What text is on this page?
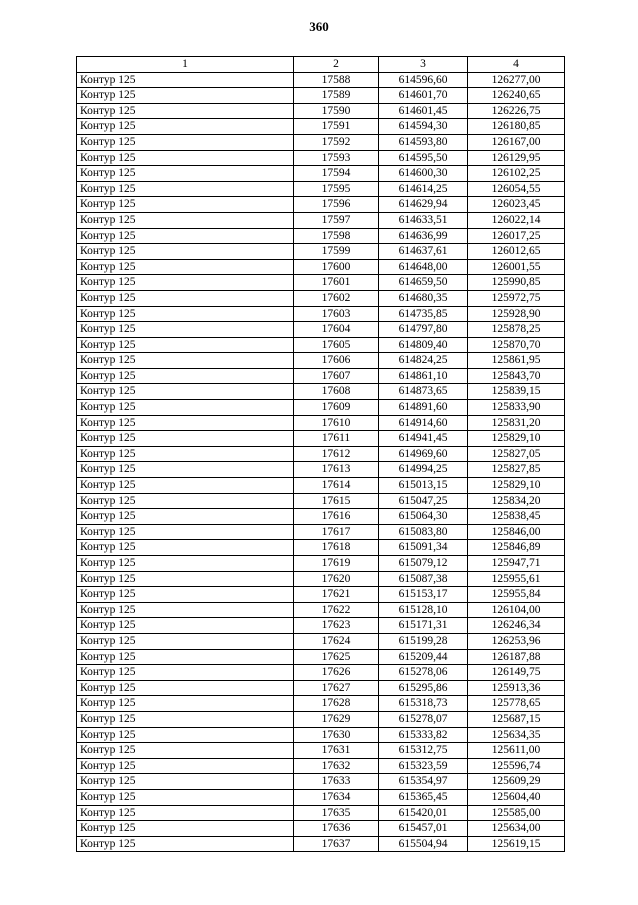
360
1	2	3	4
Контур 125	17588	614596,60	126277,00
Контур 125	17589	614601,70	126240,65
Контур 125	17590	614601,45	126226,75
Контур 125	17591	614594,30	126180,85
Контур 125	17592	614593,80	126167,00
Контур 125	17593	614595,50	126129,95
Контур 125	17594	614600,30	126102,25
Контур 125	17595	614614,25	126054,55
Контур 125	17596	614629,94	126023,45
Контур 125	17597	614633,51	126022,14
Контур 125	17598	614636,99	126017,25
Контур 125	17599	614637,61	126012,65
Контур 125	17600	614648,00	126001,55
Контур 125	17601	614659,50	125990,85
Контур 125	17602	614680,35	125972,75
Контур 125	17603	614735,85	125928,90
Контур 125	17604	614797,80	125878,25
Контур 125	17605	614809,40	125870,70
Контур 125	17606	614824,25	125861,95
Контур 125	17607	614861,10	125843,70
Контур 125	17608	614873,65	125839,15
Контур 125	17609	614891,60	125833,90
Контур 125	17610	614914,60	125831,20
Контур 125	17611	614941,45	125829,10
Контур 125	17612	614969,60	125827,05
Контур 125	17613	614994,25	125827,85
Контур 125	17614	615013,15	125829,10
Контур 125	17615	615047,25	125834,20
Контур 125	17616	615064,30	125838,45
Контур 125	17617	615083,80	125846,00
Контур 125	17618	615091,34	125846,89
Контур 125	17619	615079,12	125947,71
Контур 125	17620	615087,38	125955,61
Контур 125	17621	615153,17	125955,84
Контур 125	17622	615128,10	126104,00
Контур 125	17623	615171,31	126246,34
Контур 125	17624	615199,28	126253,96
Контур 125	17625	615209,44	126187,88
Контур 125	17626	615278,06	126149,75
Контур 125	17627	615295,86	125913,36
Контур 125	17628	615318,73	125778,65
Контур 125	17629	615278,07	125687,15
Контур 125	17630	615333,82	125634,35
Контур 125	17631	615312,75	125611,00
Контур 125	17632	615323,59	125596,74
Контур 125	17633	615354,97	125609,29
Контур 125	17634	615365,45	125604,40
Контур 125	17635	615420,01	125585,00
Контур 125	17636	615457,01	125634,00
Контур 125	17637	615504,94	125619,15
